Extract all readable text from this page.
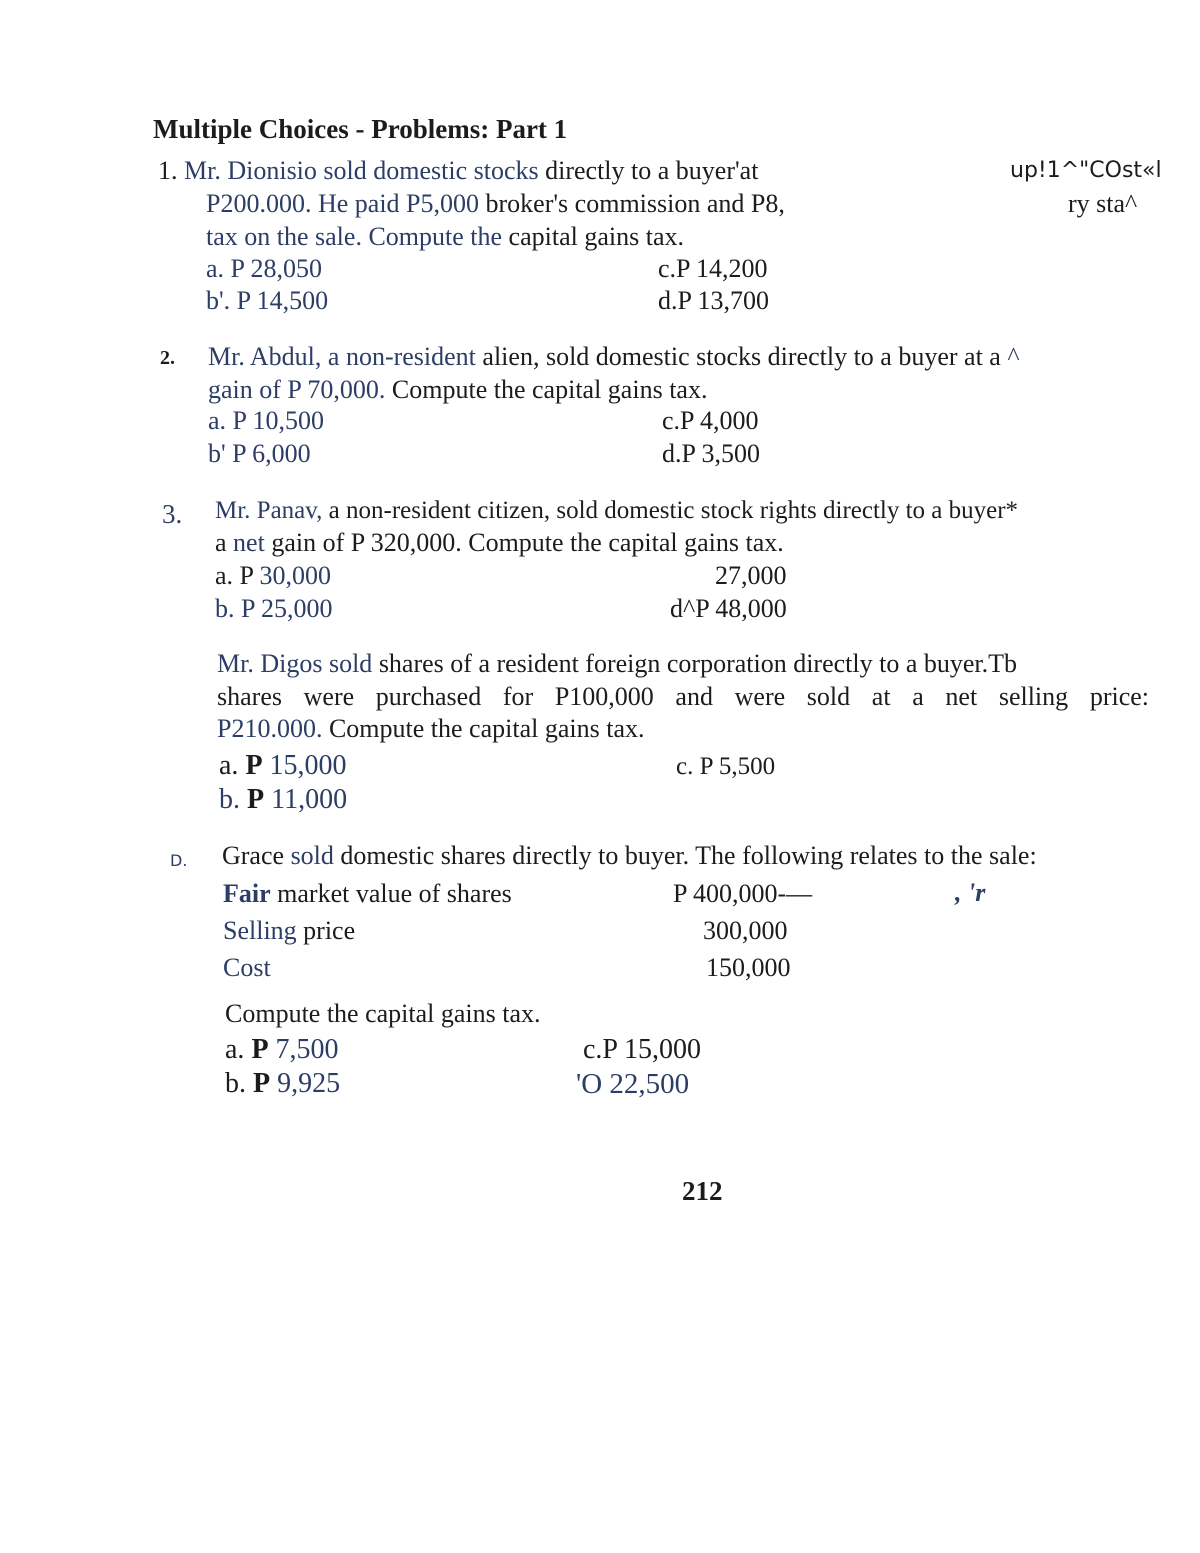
Multiple Choices - Problems: Part 1
1. Mr. Dionisio sold domestic stocks directly to a buyer'at	up!1^"COst«l
P200.000. He paid P5,000 broker's commission and P8,	ry sta^
tax on the sale. Compute the capital gains tax.
a. P 28,050
b'. P 14,500
c.P 14,200
d.P 13,700
2. Mr. Abdul, a non-resident alien, sold domestic stocks directly to a buyer at a ^
gain of P 70,000. Compute the capital gains tax.
a. P 10,500
b' P 6,000
c.P 4,000
d.P 3,500
3. Mr. Panav, a non-resident citizen, sold domestic stock rights directly to a buyer*
a net gain of P 320,000. Compute the capital gains tax.
a. P 30,000
b. P 25,000
27,000
d^P 48,000
Mr. Digos sold shares of a resident foreign corporation directly to a buyer.Tb
shares were purchased for P100,000 and were sold at a net selling price:
P210.000. Compute the capital gains tax.
a. P 15,000
b. P 11,000
c. P 5,500
D. Grace sold domestic shares directly to buyer. The following relates to the sale:
Fair market value of shares	P 400,000-—	, 'r
Selling price	300,000
Cost	150,000
Compute the capital gains tax.
a. P 7,500
b. P 9,925
c.P 15,000
'O 22,500
212
